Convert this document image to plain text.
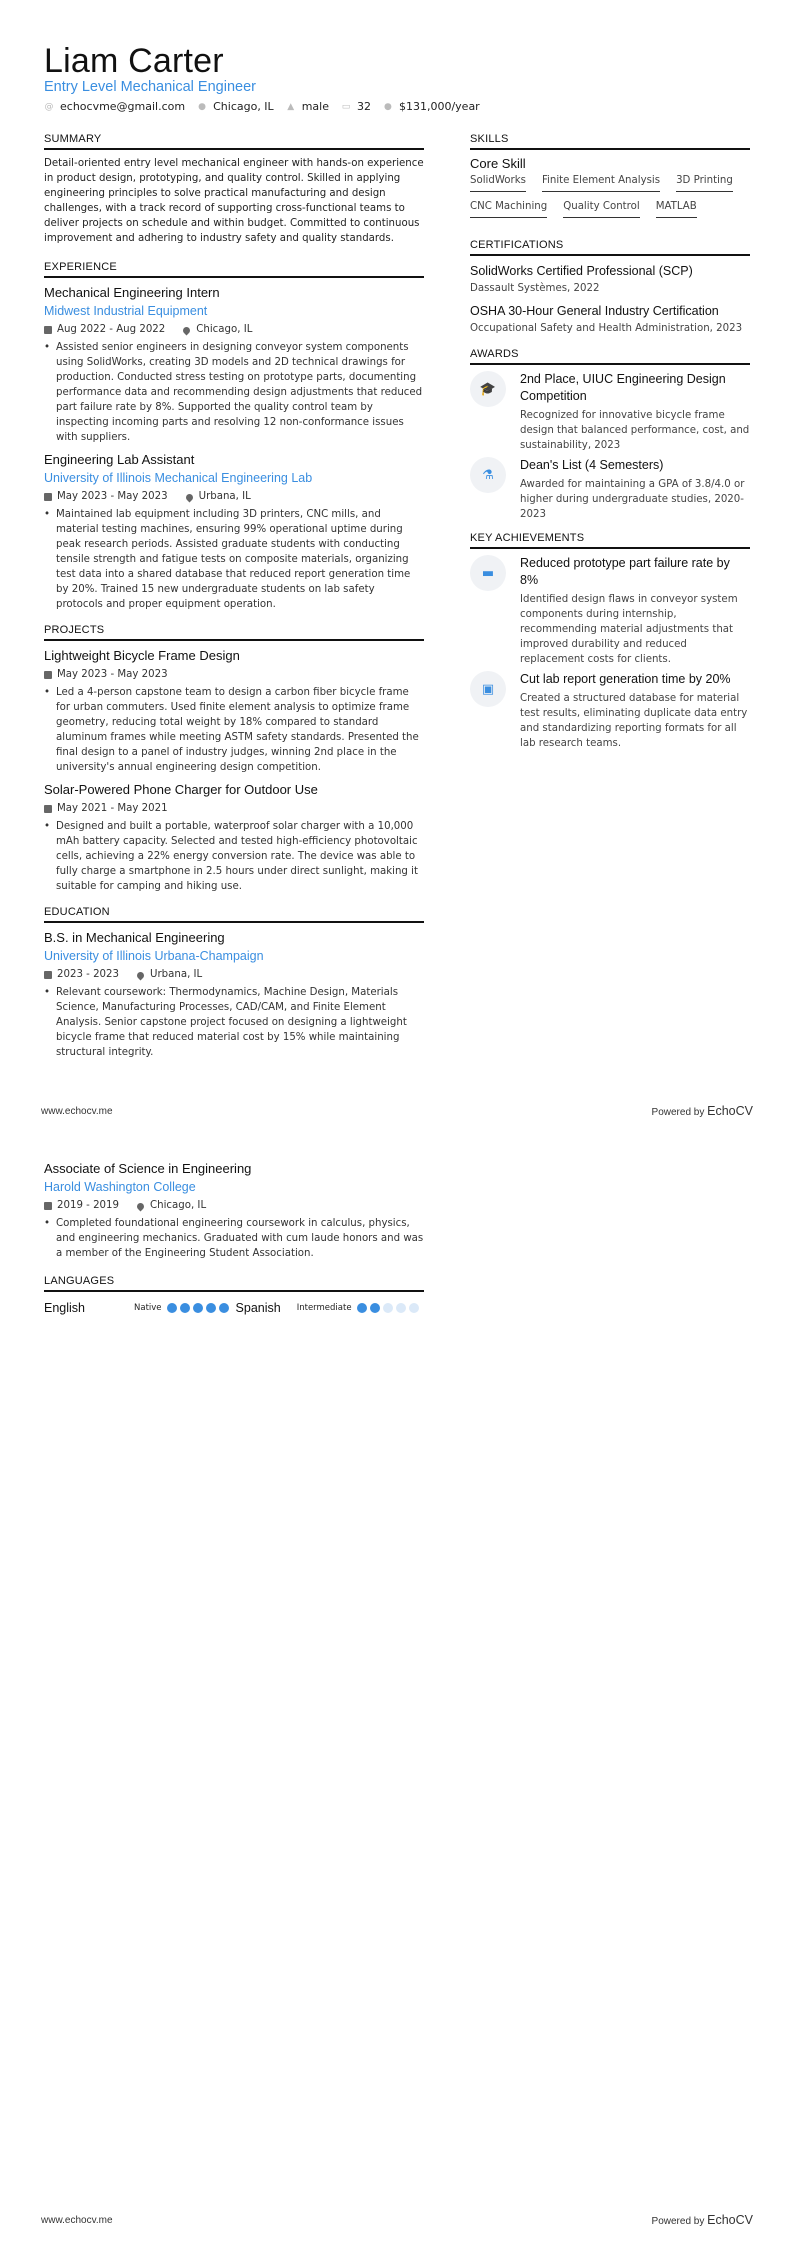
Liam Carter
Entry Level Mechanical Engineer
@ echocvme@gmail.com ● Chicago, IL ▲ male ▭ 32 ● $131,000/year
SUMMARY
Detail-oriented entry level mechanical engineer with hands-on experience in product design, prototyping, and quality control. Skilled in applying engineering principles to solve practical manufacturing and design challenges, with a track record of supporting cross-functional teams to deliver projects on schedule and within budget. Committed to continuous improvement and adhering to industry safety and quality standards.
EXPERIENCE
Mechanical Engineering Intern
Midwest Industrial Equipment
Aug 2022 - Aug 2022	Chicago, IL
• Assisted senior engineers in designing conveyor system components using SolidWorks, creating 3D models and 2D technical drawings for production. Conducted stress testing on prototype parts, documenting performance data and recommending design adjustments that reduced part failure rate by 8%. Supported the quality control team by inspecting incoming parts and resolving 12 non-conformance issues with suppliers.
Engineering Lab Assistant
University of Illinois Mechanical Engineering Lab
May 2023 - May 2023	Urbana, IL
• Maintained lab equipment including 3D printers, CNC mills, and material testing machines, ensuring 99% operational uptime during peak research periods. Assisted graduate students with conducting tensile strength and fatigue tests on composite materials, organizing test data into a shared database that reduced report generation time by 20%. Trained 15 new undergraduate students on lab safety protocols and proper equipment operation.
PROJECTS
Lightweight Bicycle Frame Design
May 2023 - May 2023
• Led a 4-person capstone team to design a carbon fiber bicycle frame for urban commuters. Used finite element analysis to optimize frame geometry, reducing total weight by 18% compared to standard aluminum frames while meeting ASTM safety standards. Presented the final design to a panel of industry judges, winning 2nd place in the university's annual engineering design competition.
Solar-Powered Phone Charger for Outdoor Use
May 2021 - May 2021
• Designed and built a portable, waterproof solar charger with a 10,000 mAh battery capacity. Selected and tested high-efficiency photovoltaic cells, achieving a 22% energy conversion rate. The device was able to fully charge a smartphone in 2.5 hours under direct sunlight, making it suitable for camping and hiking use.
EDUCATION
B.S. in Mechanical Engineering
University of Illinois Urbana-Champaign
2023 - 2023	Urbana, IL
• Relevant coursework: Thermodynamics, Machine Design, Materials Science, Manufacturing Processes, CAD/CAM, and Finite Element Analysis. Senior capstone project focused on designing a lightweight bicycle frame that reduced material cost by 15% while maintaining structural integrity.
SKILLS
Core Skill
SolidWorks Finite Element Analysis 3D Printing
CNC Machining Quality Control MATLAB
CERTIFICATIONS
SolidWorks Certified Professional (SCP)
Dassault Systèmes, 2022
OSHA 30-Hour General Industry Certification
Occupational Safety and Health Administration, 2023
AWARDS
🎓
2nd Place, UIUC Engineering Design Competition
Recognized for innovative bicycle frame design that balanced performance, cost, and sustainability, 2023
⚗
Dean's List (4 Semesters)
Awarded for maintaining a GPA of 3.8/4.0 or higher during undergraduate studies, 2020-2023
KEY ACHIEVEMENTS
▬
Reduced prototype part failure rate by 8%
Identified design flaws in conveyor system components during internship, recommending material adjustments that improved durability and reduced replacement costs for clients.
▣
Cut lab report generation time by 20%
Created a structured database for material test results, eliminating duplicate data entry and standardizing reporting formats for all lab research teams.
www.echocv.me	Powered by EchoCV
Associate of Science in Engineering
Harold Washington College
2019 - 2019	Chicago, IL
• Completed foundational engineering coursework in calculus, physics, and engineering mechanics. Graduated with cum laude honors and was a member of the Engineering Student Association.
LANGUAGES
English	Native	Spanish Intermediate
www.echocv.me	Powered by EchoCV
